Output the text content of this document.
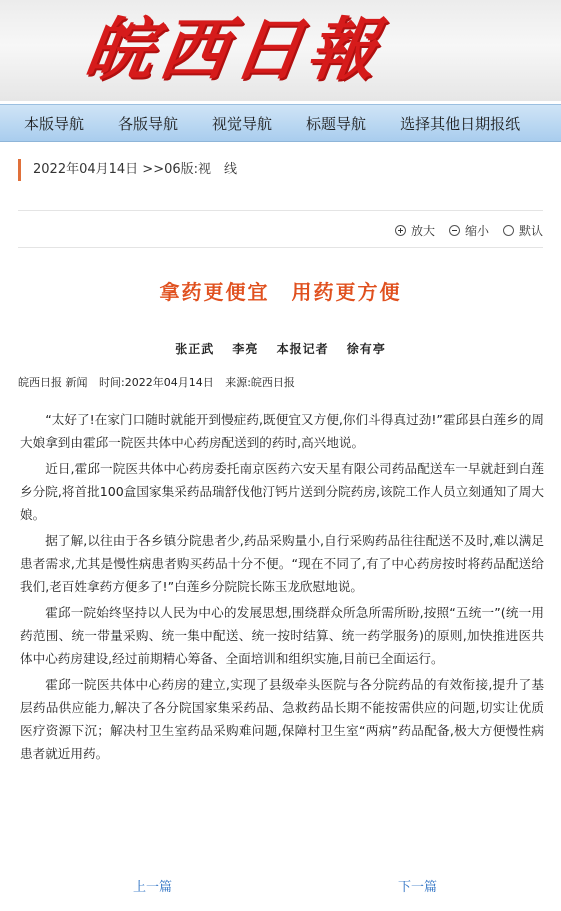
皖西日報
本版导航 各版导航 视觉导航 标题导航 选择其他日期报纸
2022年04月14日 >>06版:视　线
放大	缩小	默认
拿药更便宜　用药更方便
张正武　 李亮　 本报记者　 徐有亭
皖西日报 新闻 时间:2022年04月14日 来源:皖西日报

“太好了!在家门口随时就能开到慢症药,既便宜又方便,你们斗得真过劲!”霍邱县白莲乡的周大娘拿到由霍邱一院医共体中心药房配送到的药时,高兴地说。

近日,霍邱一院医共体中心药房委托南京医药六安天星有限公司药品配送车一早就赶到白莲乡分院,将首批100盒国家集采药品瑞舒伐他汀钙片送到分院药房,该院工作人员立刻通知了周大娘。

据了解,以往由于各乡镇分院患者少,药品采购量小,自行采购药品往往配送不及时,难以满足患者需求,尤其是慢性病患者购买药品十分不便。“现在不同了,有了中心药房按时将药品配送给我们,老百姓拿药方便多了!”白莲乡分院院长陈玉龙欣慰地说。

霍邱一院始终坚持以人民为中心的发展思想,围绕群众所急所需所盼,按照“五统一”(统一用药范围、统一带量采购、统一集中配送、统一按时结算、统一药学服务)的原则,加快推进医共体中心药房建设,经过前期精心筹备、全面培训和组织实施,目前已全面运行。

霍邱一院医共体中心药房的建立,实现了县级牵头医院与各分院药品的有效衔接,提升了基层药品供应能力,解决了各分院国家集采药品、急救药品长期不能按需供应的问题,切实让优质医疗资源下沉；解决村卫生室药品采购难问题,保障村卫生室“两病”药品配备,极大方便慢性病患者就近用药。

上一篇	下一篇
